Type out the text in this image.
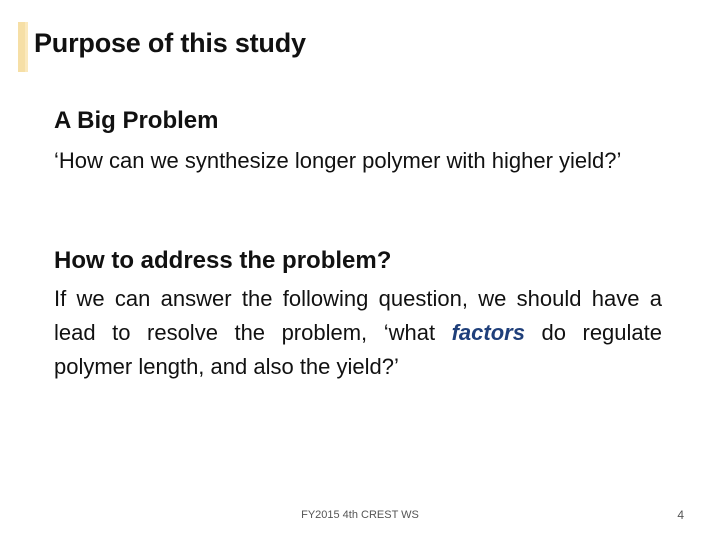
Purpose of this study
A Big Problem

‘How can we synthesize longer polymer with higher yield?’

How to address the problem?

If we can answer the following question, we should have a lead to resolve the problem, ‘what factors do regulate polymer length, and also the yield?’

FY2015 4th CREST WS	4
